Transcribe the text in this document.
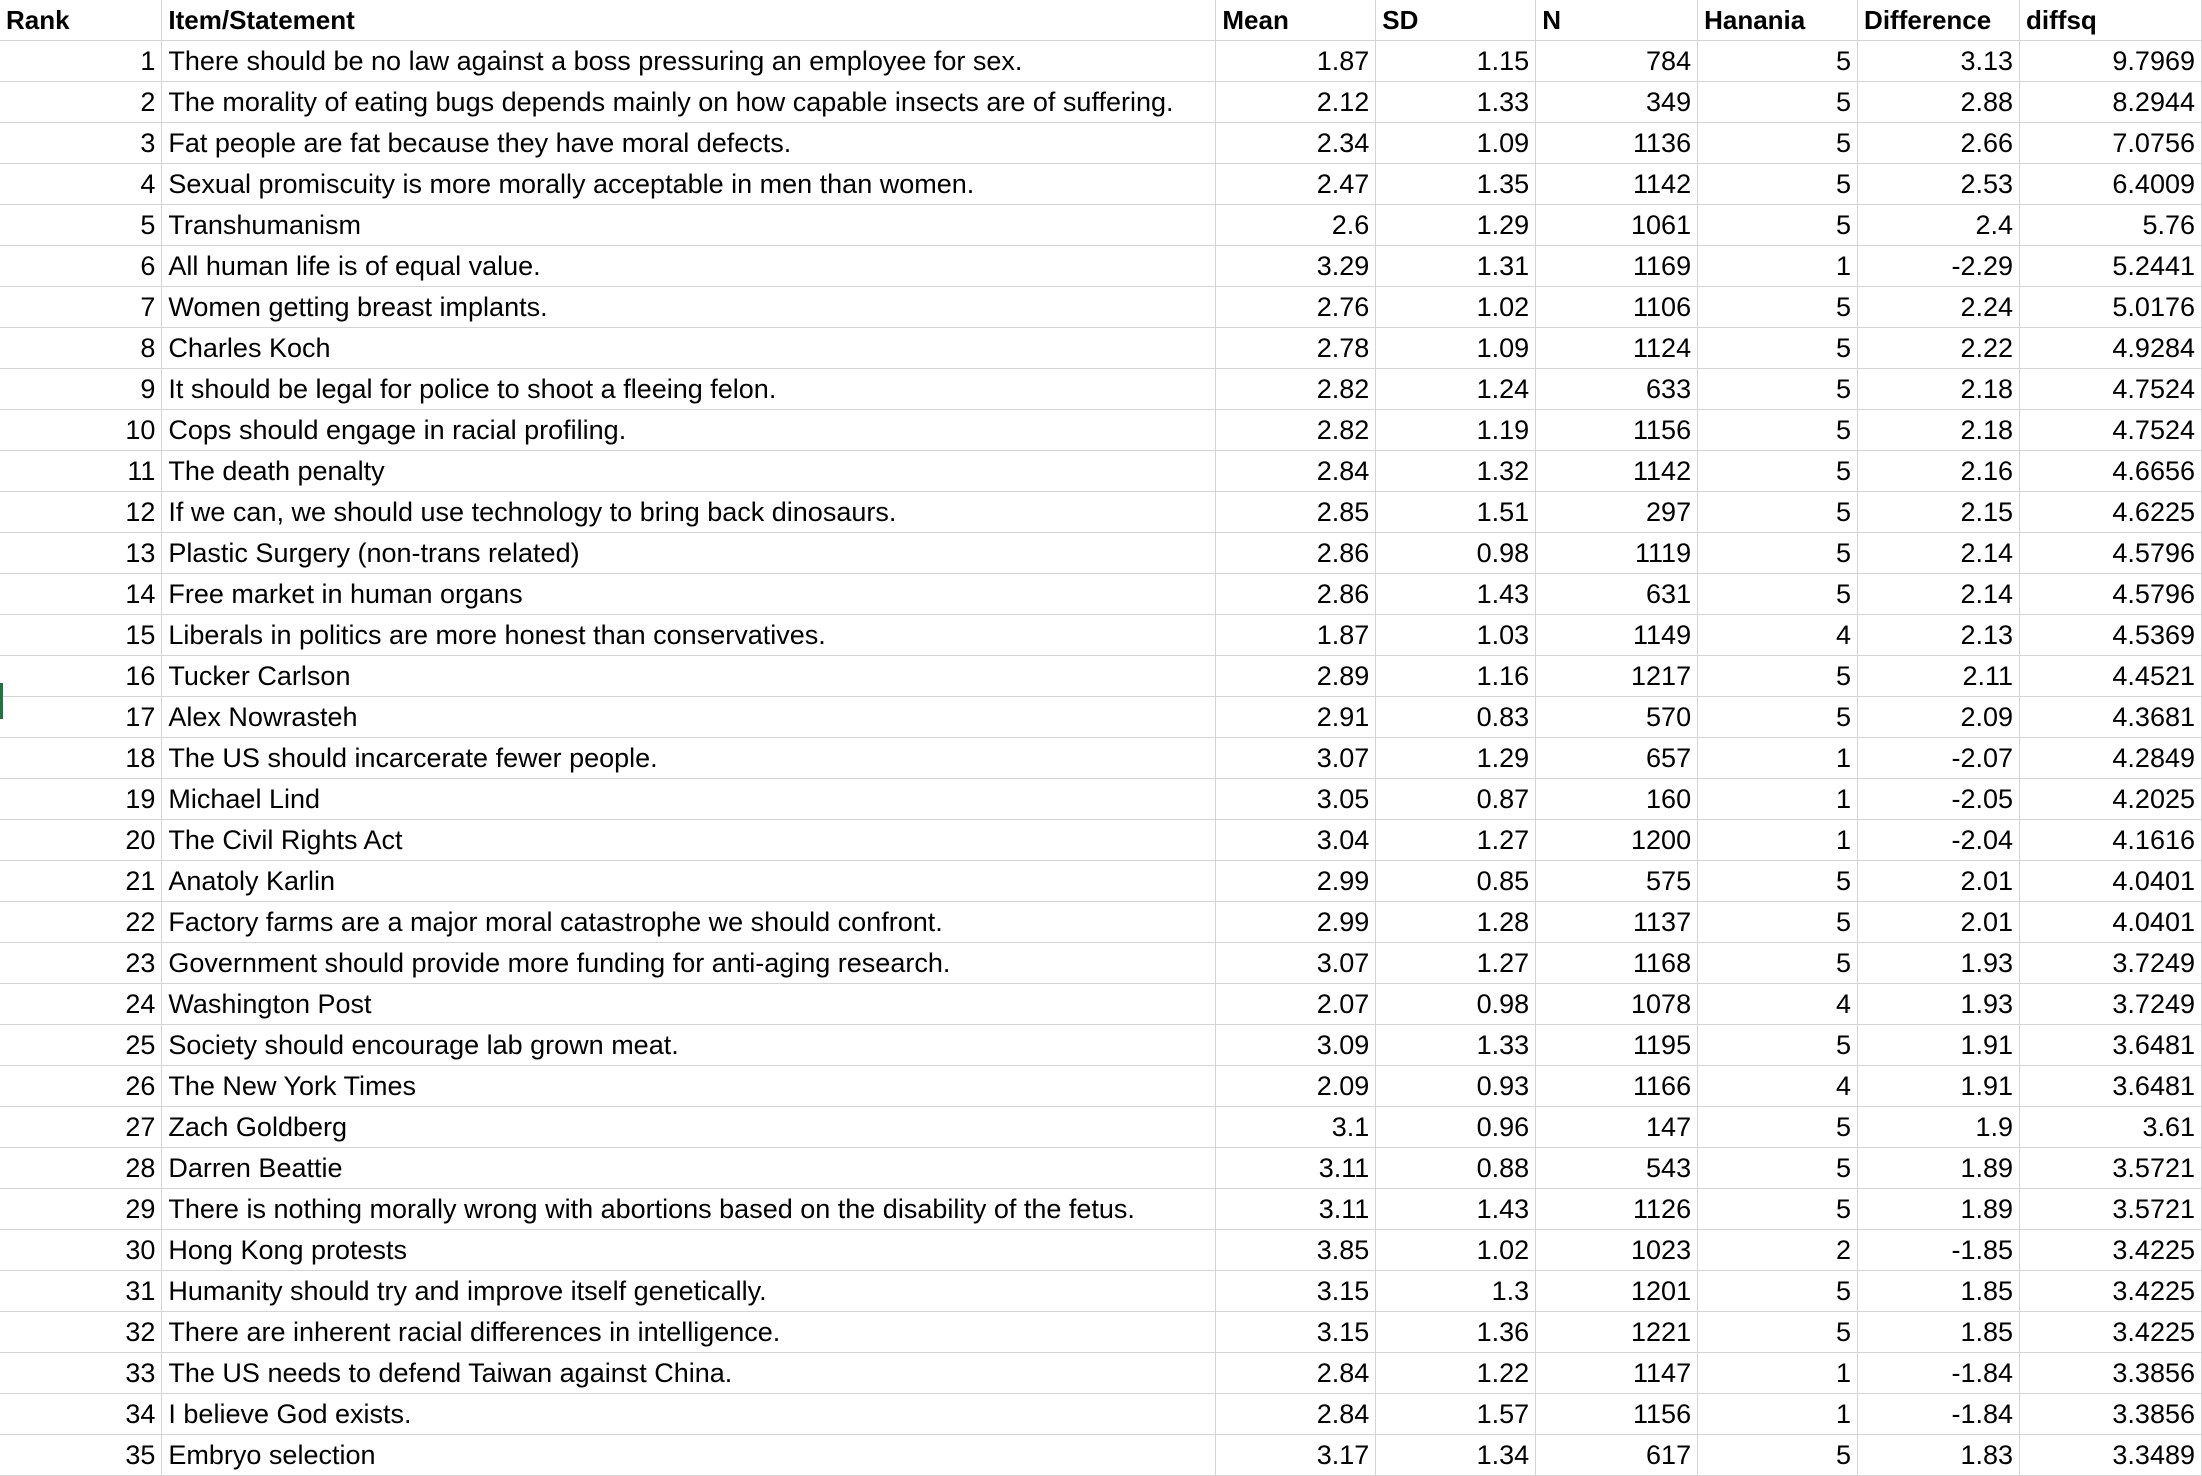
Rank	Item/Statement	Mean	SD	N	Hanania	Difference	diffsq
1	There should be no law against a boss pressuring an employee for sex.	1.87	1.15	784	5	3.13	9.7969
2	The morality of eating bugs depends mainly on how capable insects are of suffering.	2.12	1.33	349	5	2.88	8.2944
3	Fat people are fat because they have moral defects.	2.34	1.09	1136	5	2.66	7.0756
4	Sexual promiscuity is more morally acceptable in men than women.	2.47	1.35	1142	5	2.53	6.4009
5	Transhumanism	2.6	1.29	1061	5	2.4	5.76
6	All human life is of equal value.	3.29	1.31	1169	1	-2.29	5.2441
7	Women getting breast implants.	2.76	1.02	1106	5	2.24	5.0176
8	Charles Koch	2.78	1.09	1124	5	2.22	4.9284
9	It should be legal for police to shoot a fleeing felon.	2.82	1.24	633	5	2.18	4.7524
10	Cops should engage in racial profiling.	2.82	1.19	1156	5	2.18	4.7524
11	The death penalty	2.84	1.32	1142	5	2.16	4.6656
12	If we can, we should use technology to bring back dinosaurs.	2.85	1.51	297	5	2.15	4.6225
13	Plastic Surgery (non-trans related)	2.86	0.98	1119	5	2.14	4.5796
14	Free market in human organs	2.86	1.43	631	5	2.14	4.5796
15	Liberals in politics are more honest than conservatives.	1.87	1.03	1149	4	2.13	4.5369
16	Tucker Carlson	2.89	1.16	1217	5	2.11	4.4521
17	Alex Nowrasteh	2.91	0.83	570	5	2.09	4.3681
18	The US should incarcerate fewer people.	3.07	1.29	657	1	-2.07	4.2849
19	Michael Lind	3.05	0.87	160	1	-2.05	4.2025
20	The Civil Rights Act	3.04	1.27	1200	1	-2.04	4.1616
21	Anatoly Karlin	2.99	0.85	575	5	2.01	4.0401
22	Factory farms are a major moral catastrophe we should confront.	2.99	1.28	1137	5	2.01	4.0401
23	Government should provide more funding for anti-aging research.	3.07	1.27	1168	5	1.93	3.7249
24	Washington Post	2.07	0.98	1078	4	1.93	3.7249
25	Society should encourage lab grown meat.	3.09	1.33	1195	5	1.91	3.6481
26	The New York Times	2.09	0.93	1166	4	1.91	3.6481
27	Zach Goldberg	3.1	0.96	147	5	1.9	3.61
28	Darren Beattie	3.11	0.88	543	5	1.89	3.5721
29	There is nothing morally wrong with abortions based on the disability of the fetus.	3.11	1.43	1126	5	1.89	3.5721
30	Hong Kong protests	3.85	1.02	1023	2	-1.85	3.4225
31	Humanity should try and improve itself genetically.	3.15	1.3	1201	5	1.85	3.4225
32	There are inherent racial differences in intelligence.	3.15	1.36	1221	5	1.85	3.4225
33	The US needs to defend Taiwan against China.	2.84	1.22	1147	1	-1.84	3.3856
34	I believe God exists.	2.84	1.57	1156	1	-1.84	3.3856
35	Embryo selection	3.17	1.34	617	5	1.83	3.3489
